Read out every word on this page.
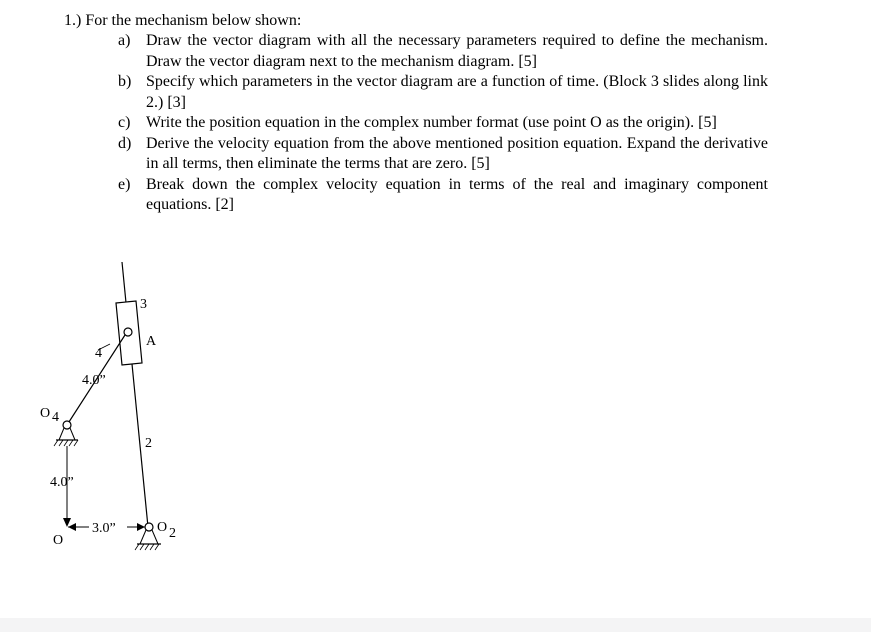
1.) For the mechanism below shown:
a) Draw the vector diagram with all the necessary parameters required to define the mechanism. Draw the vector diagram next to the mechanism diagram. [5]
b) Specify which parameters in the vector diagram are a function of time. (Block 3 slides along link 2.) [3]
c) Write the position equation in the complex number format (use point O as the origin). [5]
d) Derive the velocity equation from the above mentioned position equation. Expand the derivative in all terms, then eliminate the terms that are zero. [5]
e) Break down the complex velocity equation in terms of the real and imaginary component equations. [2]
3
A
4
4.0”
O 4
2
4.0”
O
3.0”	O 2
